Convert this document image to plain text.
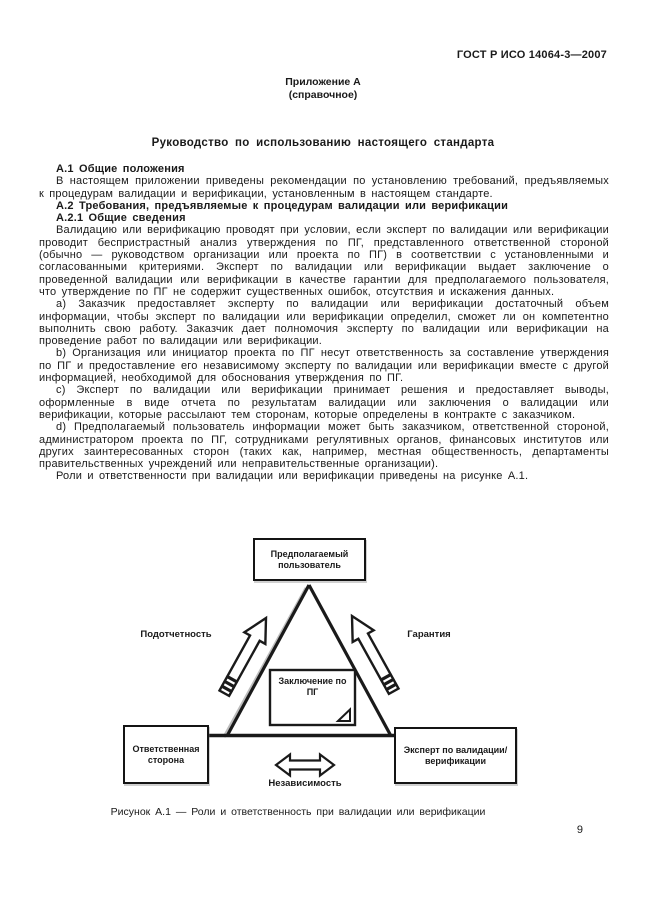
ГОСТ Р ИСО 14064-3—2007
Приложение А
(справочное)
Руководство по использованию настоящего стандарта

А.1 Общие положения

В настоящем приложении приведены рекомендации по установлению требований, предъявляемых к процедурам валидации и верификации, установленным в настоящем стандарте.

А.2 Требования, предъявляемые к процедурам валидации или верификации

А.2.1 Общие сведения

Валидацию или верификацию проводят при условии, если эксперт по валидации или верификации проводит беспристрастный анализ утверждения по ПГ, представленного ответственной стороной (обычно — руководством организации или проекта по ПГ) в соответствии с установленными и согласованными критериями. Эксперт по валидации или верификации выдает заключение о проведенной валидации или верификации в качестве гарантии для предполагаемого пользователя, что утверждение по ПГ не содержит существенных ошибок, отсутствия и искажения данных.

а) Заказчик предоставляет эксперту по валидации или верификации достаточный объем информации, чтобы эксперт по валидации или верификации определил, сможет ли он компетентно выполнить свою работу. Заказчик дает полномочия эксперту по валидации или верификации на проведение работ по валидации или верификации.

b) Организация или инициатор проекта по ПГ несут ответственность за составление утверждения по ПГ и предоставление его независимому эксперту по валидации или верификации вместе с другой информацией, необходимой для обоснования утверждения по ПГ.

c) Эксперт по валидации или верификации принимает решения и предоставляет выводы, оформленные в виде отчета по результатам валидации или заключения о валидации или верификации, которые рассылают тем сторонам, которые определены в контракте с заказчиком.

d) Предполагаемый пользователь информации может быть заказчиком, ответственной стороной, администратором проекта по ПГ, сотрудниками регулятивных органов, финансовых институтов или других заинтересованных сторон (таких как, например, местная общественность, департаменты правительственных учреждений или неправительственные организации).

Роли и ответственности при валидации или верификации приведены на рисунке А.1.

Предполагаемый пользователь
Ответственная сторона
Эксперт по валидации/ верификации
Заключение по ПГ
Подотчетность	Гарантия
Независимость
Рисунок А.1 — Роли и ответственность при валидации или верификации
9
